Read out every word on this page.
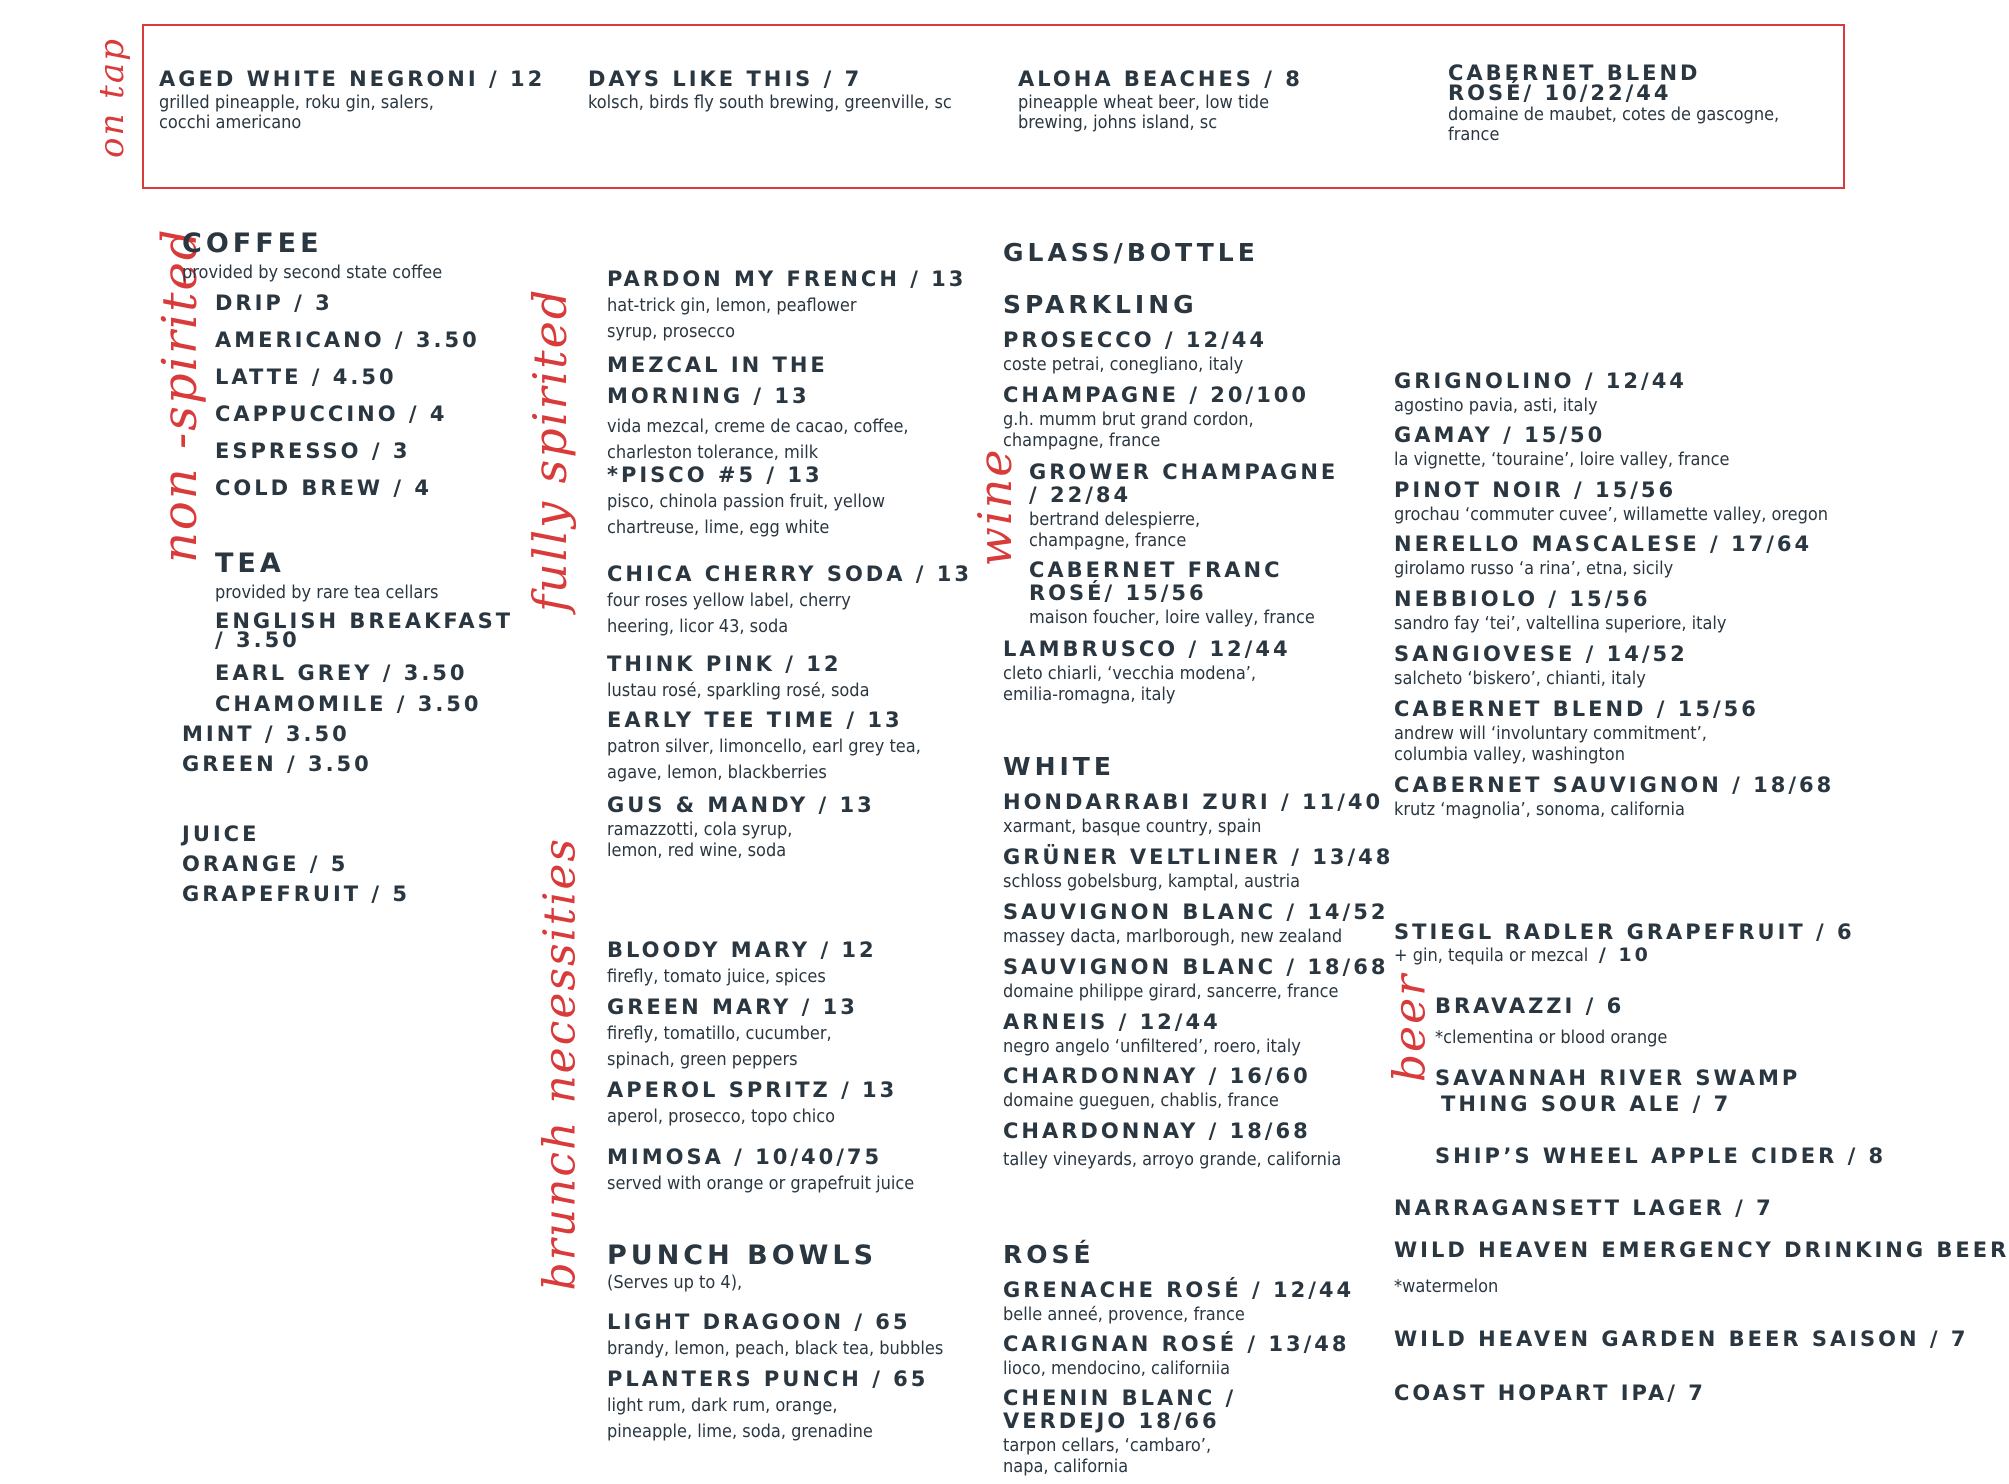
on tap AGED WHITE NEGRONI / 12
grilled pineapple, roku gin, salers, cocchi americano
DAYS LIKE THIS / 7
kolsch, birds fly south brewing, greenville, sc
ALOHA BEACHES / 8
pineapple wheat beer, low tide brewing, johns island, sc
CABERNET BLEND ROSÉ/ 10/22/44
domaine de maubet, cotes de gascogne, france
non -spirited
COFFEE
provided by second state coffee
DRIP / 3
AMERICANO / 3.50
LATTE / 4.50
CAPPUCCINO / 4
ESPRESSO / 3
COLD BREW / 4
TEA
provided by rare tea cellars
ENGLISH BREAKFAST / 3.50
EARL GREY / 3.50
CHAMOMILE / 3.50
MINT / 3.50
GREEN / 3.50
JUICE
ORANGE / 5
GRAPEFRUIT / 5
fully spirited
PARDON MY FRENCH / 13
hat-trick gin, lemon, peaflower syrup, prosecco
MEZCAL IN THE MORNING / 13
vida mezcal, creme de cacao, coffee, charleston tolerance, milk
*PISCO #5 / 13
pisco, chinola passion fruit, yellow chartreuse, lime, egg white
CHICA CHERRY SODA / 13
four roses yellow label, cherry heering, licor 43, soda
THINK PINK / 12
lustau rosé, sparkling rosé, soda
EARLY TEE TIME / 13
patron silver, limoncello, earl grey tea, agave, lemon, blackberries
GUS & MANDY / 13
ramazzotti, cola syrup, lemon, red wine, soda
brunch necessities BLOODY MARY / 12
firefly, tomato juice, spices
GREEN MARY / 13
firefly, tomatillo, cucumber, spinach, green peppers
APEROL SPRITZ / 13
aperol, prosecco, topo chico
MIMOSA / 10/40/75
served with orange or grapefruit juice
PUNCH BOWLS
(Serves up to 4),
LIGHT DRAGOON / 65
brandy, lemon, peach, black tea, bubbles
PLANTERS PUNCH / 65
light rum, dark rum, orange, pineapple, lime, soda, grenadine
wine
GLASS/BOTTLE
SPARKLING
PROSECCO / 12/44
coste petrai, conegliano, italy
CHAMPAGNE / 20/100
g.h. mumm brut grand cordon, champagne, france
GROWER CHAMPAGNE / 22/84
bertrand delespierre, champagne, france
CABERNET FRANC ROSÉ/ 15/56
maison foucher, loire valley, france
LAMBRUSCO / 12/44
cleto chiarli, ‘vecchia modena’, emilia-romagna, italy
WHITE
HONDARRABI ZURI / 11/40
xarmant, basque country, spain
GRÜNER VELTLINER / 13/48
schloss gobelsburg, kamptal, austria
SAUVIGNON BLANC / 14/52
massey dacta, marlborough, new zealand
SAUVIGNON BLANC / 18/68
domaine philippe girard, sancerre, france
ARNEIS / 12/44
negro angelo ‘unfiltered’, roero, italy
CHARDONNAY / 16/60
domaine gueguen, chablis, france
CHARDONNAY / 18/68
talley vineyards, arroyo grande, california
ROSÉ
GRENACHE ROSÉ / 12/44
belle anneé, provence, france
CARIGNAN ROSÉ / 13/48
lioco, mendocino, californiia
CHENIN BLANC / VERDEJO 18/66
tarpon cellars, ‘cambaro’, napa, california
GRIGNOLINO / 12/44
agostino pavia, asti, italy
GAMAY / 15/50
la vignette, ‘touraine’, loire valley, france
PINOT NOIR / 15/56
grochau ‘commuter cuvee’, willamette valley, oregon
NERELLO MASCALESE / 17/64
girolamo russo ‘a rina’, etna, sicily
NEBBIOLO / 15/56
sandro fay ‘tei’, valtellina superiore, italy
SANGIOVESE / 14/52
salcheto ‘biskero’, chianti, italy
CABERNET BLEND / 15/56
andrew will ‘involuntary commitment’, columbia valley, washington
CABERNET SAUVIGNON / 18/68
krutz ‘magnolia’, sonoma, california
beer
STIEGL RADLER GRAPEFRUIT / 6
+ gin, tequila or mezcal / 10
BRAVAZZI / 6
*clementina or blood orange
SAVANNAH RIVER SWAMP
THING SOUR ALE / 7
SHIP’S WHEEL APPLE CIDER / 8
NARRAGANSETT LAGER / 7
WILD HEAVEN EMERGENCY DRINKING BEER
*watermelon
WILD HEAVEN GARDEN BEER SAISON / 7
COAST HOPART IPA/ 7
